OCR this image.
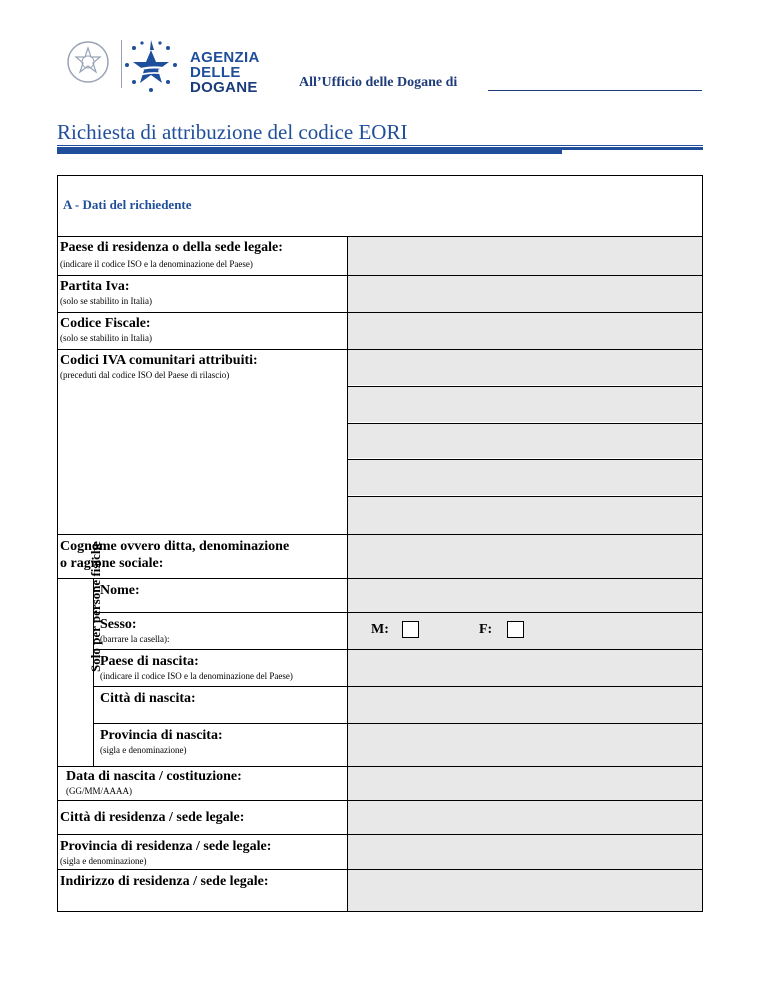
AGENZIA
DELLE
DOGANE	All’Ufficio delle Dogane di
Richiesta di attribuzione del codice EORI
A - Dati del richiedente
Paese di residenza o della sede legale:
(indicare il codice ISO e la denominazione del Paese)
Partita Iva:
(solo se stabilito in Italia)
Codice Fiscale:
(solo se stabilito in Italia)
Codici IVA comunitari attribuiti:
(preceduti dal codice ISO del Paese di rilascio)
Cognome ovvero ditta, denominazione
o ragione sociale:
Solo per persone fisiche
Nome:
Sesso:
(barrare la casella):
M:	F:
Paese di nascita:
(indicare il codice ISO e la denominazione del Paese)
Città di nascita:
Provincia di nascita:
(sigla e denominazione)
Data di nascita / costituzione:
(GG/MM/AAAA)
Città di residenza / sede legale:
Provincia di residenza / sede legale:
(sigla e denominazione)
Indirizzo di residenza / sede legale:
